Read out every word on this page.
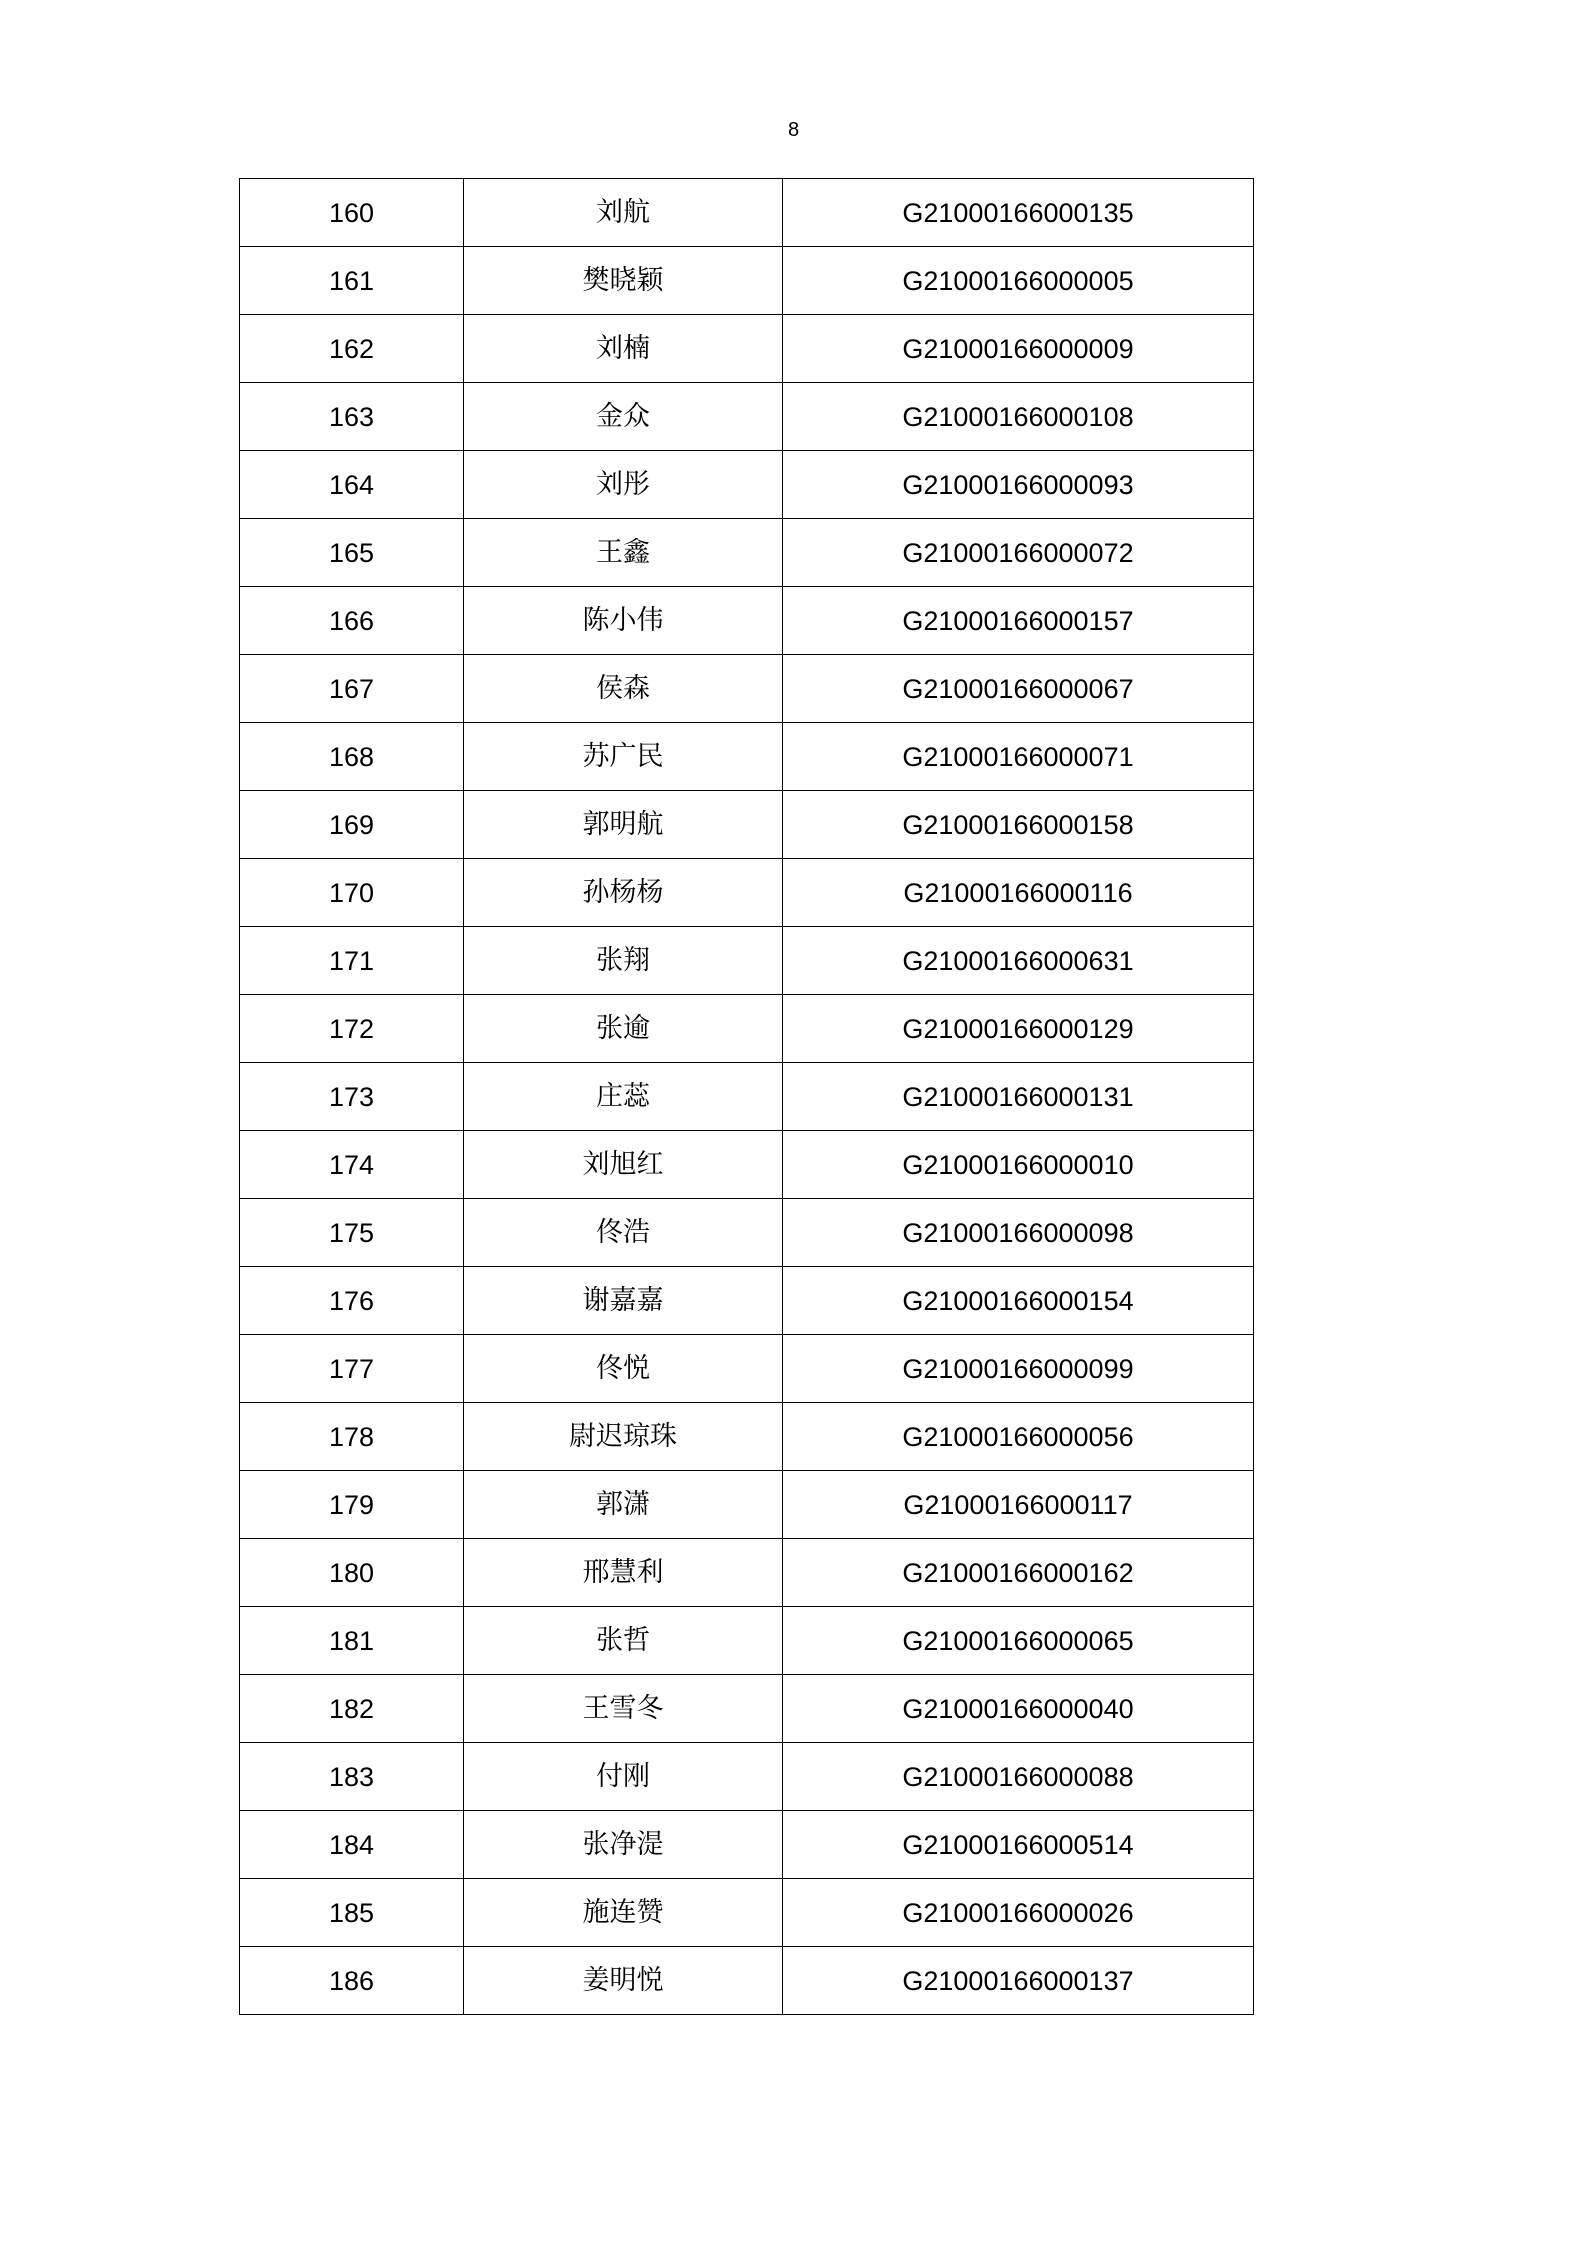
8
160	刘航	G21000166000135
161	樊晓颖	G21000166000005
162	刘楠	G21000166000009
163	金众	G21000166000108
164	刘彤	G21000166000093
165	王鑫	G21000166000072
166	陈小伟	G21000166000157
167	侯森	G21000166000067
168	苏广民	G21000166000071
169	郭明航	G21000166000158
170	孙杨杨	G21000166000116
171	张翔	G21000166000631
172	张逾	G21000166000129
173	庄蕊	G21000166000131
174	刘旭红	G21000166000010
175	佟浩	G21000166000098
176	谢嘉嘉	G21000166000154
177	佟悦	G21000166000099
178	尉迟琼珠	G21000166000056
179	郭潇	G21000166000117
180	邢慧利	G21000166000162
181	张哲	G21000166000065
182	王雪冬	G21000166000040
183	付刚	G21000166000088
184	张净湜	G21000166000514
185	施连赞	G21000166000026
186	姜明悦	G21000166000137
